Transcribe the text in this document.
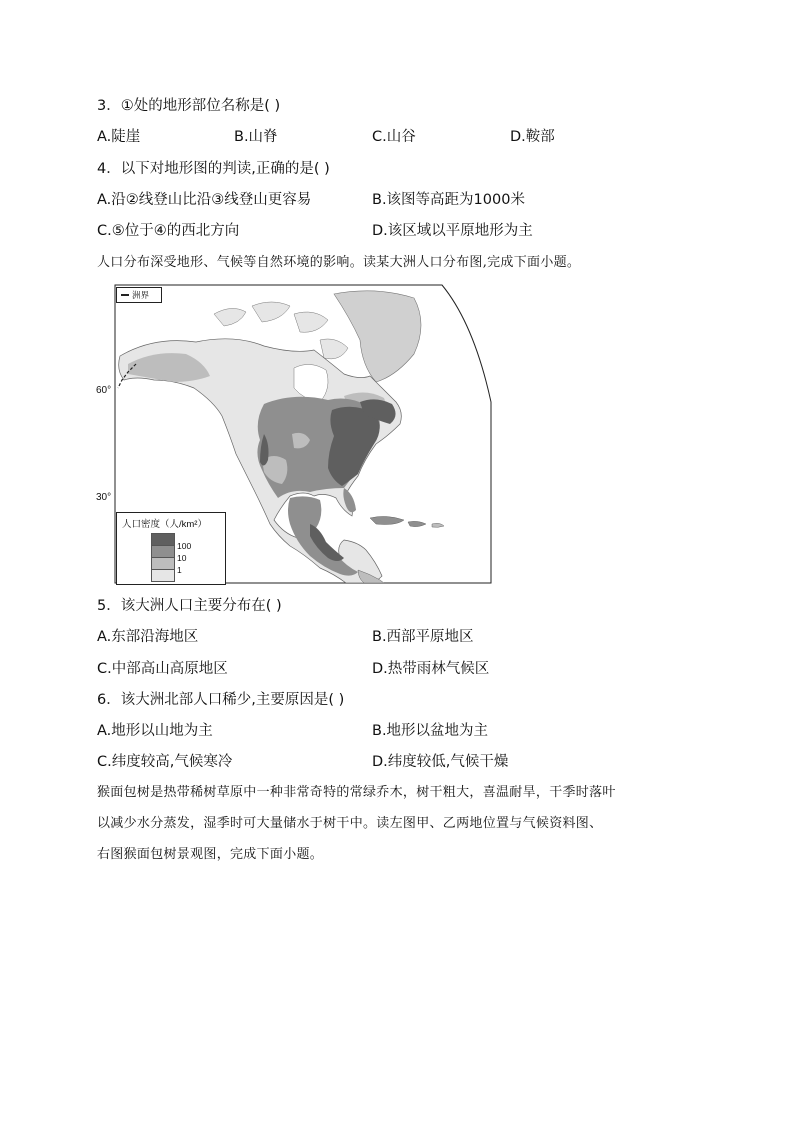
3．①处的地形部位名称是( )
A.陡崖	B.山脊	C.山谷	D.鞍部
4．以下对地形图的判读,正确的是( )
A.沿②线登山比沿③线登山更容易	B.该图等高距为1000米
C.⑤位于④的西北方向	D.该区域以平原地形为主
人口分布深受地形、气候等自然环境的影响。读某大洲人口分布图,完成下面小题。
60°
30°
洲界
人口密度（人/km²）
100
10
1
5．该大洲人口主要分布在( )
A.东部沿海地区	B.西部平原地区
C.中部高山高原地区	D.热带雨林气候区
6．该大洲北部人口稀少,主要原因是( )
A.地形以山地为主	B.地形以盆地为主
C.纬度较高,气候寒冷	D.纬度较低,气候干燥
猴面包树是热带稀树草原中一种非常奇特的常绿乔木，树干粗大，喜温耐旱，干季时落叶
以减少水分蒸发，湿季时可大量储水于树干中。读左图甲、乙两地位置与气候资料图、
右图猴面包树景观图，完成下面小题。
